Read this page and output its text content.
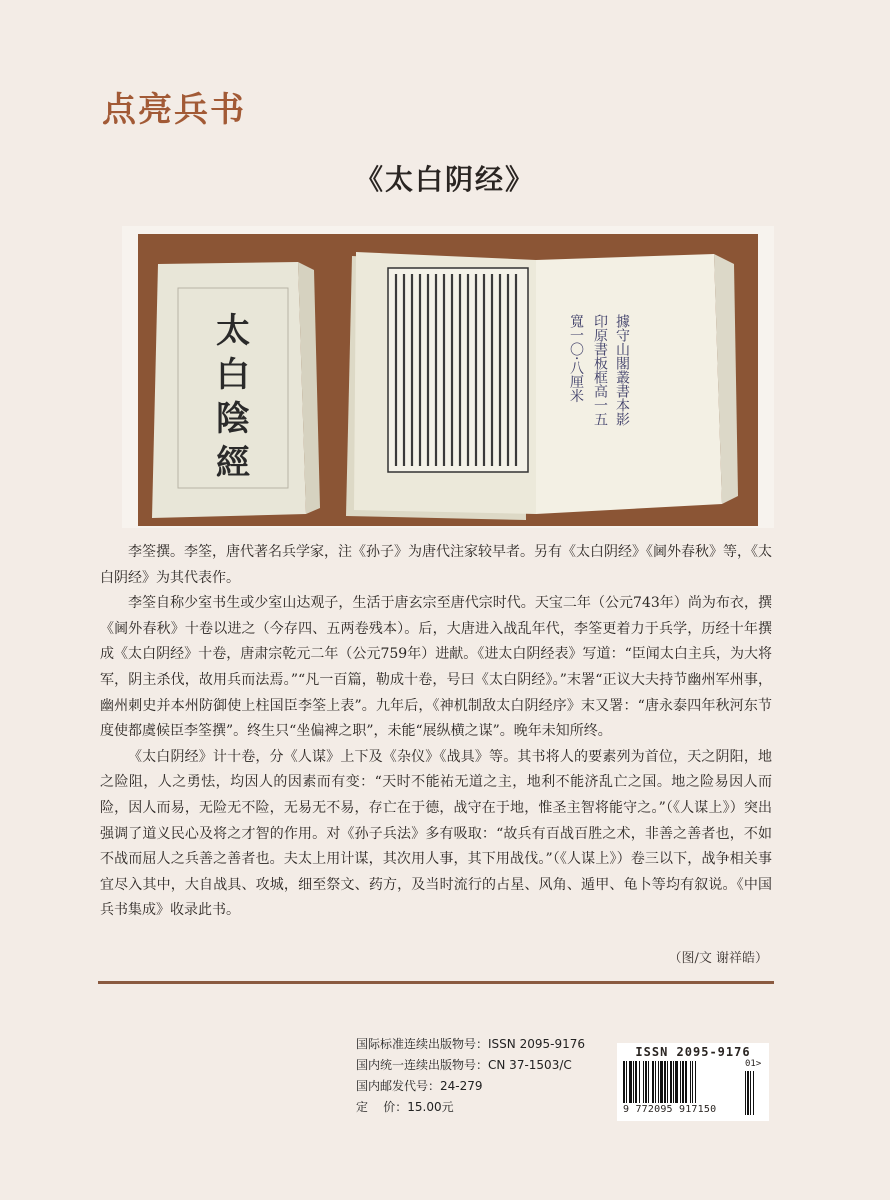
点亮兵书
《太白阴经》
太
白
陰
經
據守山閣叢書本影
印原書板框高一五
寬一〇·八厘米

李筌撰。李筌，唐代著名兵学家，注《孙子》为唐代注家较早者。另有《太白阴经》《阃外春秋》等，《太白阴经》为其代表作。

李筌自称少室书生或少室山达观子，生活于唐玄宗至唐代宗时代。天宝二年（公元743年）尚为布衣，撰《阃外春秋》十卷以进之（今存四、五两卷残本）。后，大唐进入战乱年代，李筌更着力于兵学，历经十年撰成《太白阴经》十卷，唐肃宗乾元二年（公元759年）进献。《进太白阴经表》写道：“臣闻太白主兵，为大将军，阴主杀伐，故用兵而法焉。”“凡一百篇，勒成十卷，号曰《太白阴经》。”末署“正议大夫持节幽州军州事，幽州刺史并本州防御使上柱国臣李筌上表”。九年后，《神机制敌太白阴经序》末又署：“唐永泰四年秋河东节度使都虞候臣李筌撰”。终生只“坐偏裨之职”，未能“展纵横之谋”。晚年未知所终。

《太白阴经》计十卷，分《人谋》上下及《杂仪》《战具》等。其书将人的要素列为首位，天之阴阳，地之险阻，人之勇怯，均因人的因素而有变：“天时不能祐无道之主，地利不能济乱亡之国。地之险易因人而险，因人而易，无险无不险，无易无不易，存亡在于德，战守在于地，惟圣主智将能守之。”（《人谋上》）突出强调了道义民心及将之才智的作用。对《孙子兵法》多有吸取：“故兵有百战百胜之术，非善之善者也，不如不战而屈人之兵善之善者也。夫太上用计谋，其次用人事，其下用战伐。”（《人谋上》）卷三以下，战争相关事宜尽入其中，大自战具、攻城，细至祭文、药方，及当时流行的占星、风角、遁甲、龟卜等均有叙说。《中国兵书集成》收录此书。

（图/文 谢祥皓）
国际标准连续出版物号： ISSN 2095-9176
国内统一连续出版物号： CN 37-1503/C
国内邮发代号： 24-279
定    价： 15.00元
ISSN 2095-9176
9 772095 917150
01>
